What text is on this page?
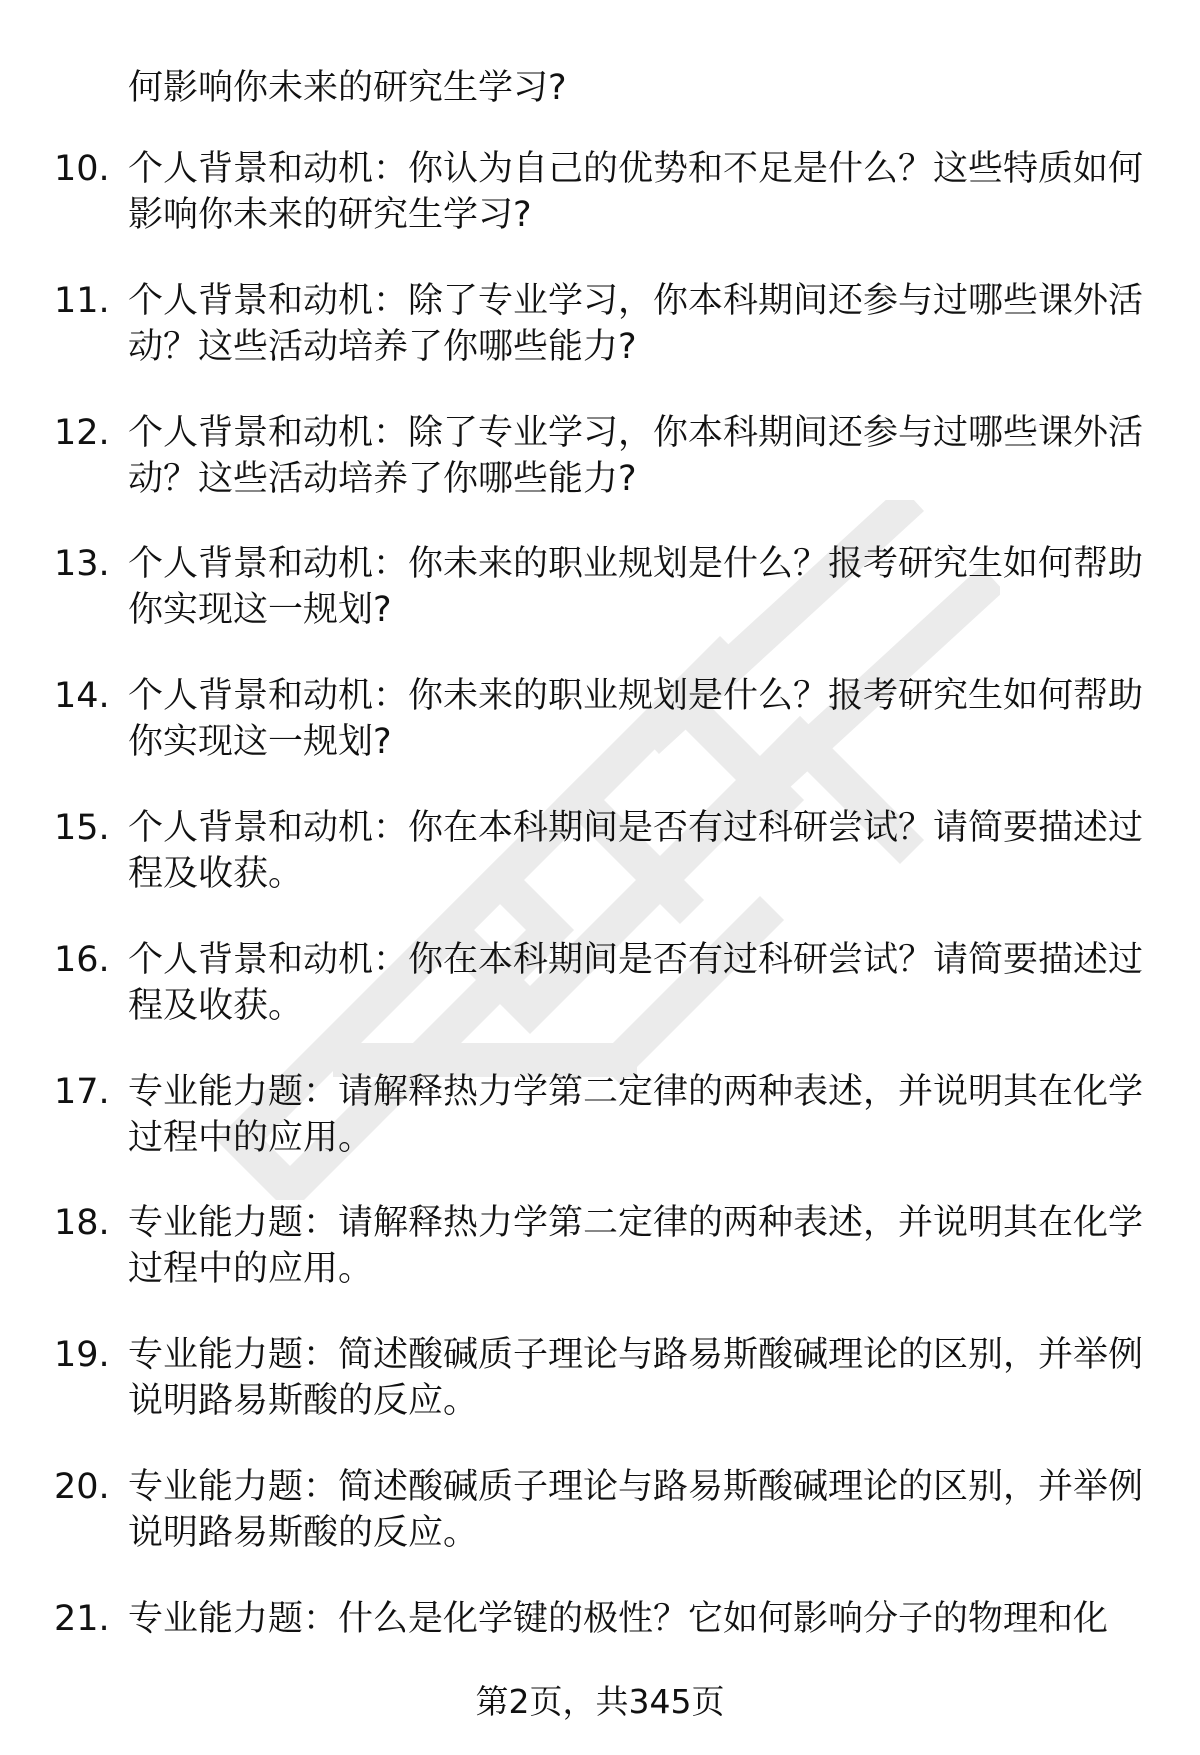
何影响你未来的研究生学习?
10. 个人背景和动机：你认为自己的优势和不足是什么？这些特质如何影响你未来的研究生学习?
11. 个人背景和动机：除了专业学习，你本科期间还参与过哪些课外活动？这些活动培养了你哪些能力?
12. 个人背景和动机：除了专业学习，你本科期间还参与过哪些课外活动？这些活动培养了你哪些能力?
13. 个人背景和动机：你未来的职业规划是什么？报考研究生如何帮助你实现这一规划?
14. 个人背景和动机：你未来的职业规划是什么？报考研究生如何帮助你实现这一规划?
15. 个人背景和动机：你在本科期间是否有过科研尝试？请简要描述过程及收获。
16. 个人背景和动机：你在本科期间是否有过科研尝试？请简要描述过程及收获。
17. 专业能力题：请解释热力学第二定律的两种表述，并说明其在化学过程中的应用。
18. 专业能力题：请解释热力学第二定律的两种表述，并说明其在化学过程中的应用。
19. 专业能力题：简述酸碱质子理论与路易斯酸碱理论的区别，并举例说明路易斯酸的反应。
20. 专业能力题：简述酸碱质子理论与路易斯酸碱理论的区别，并举例说明路易斯酸的反应。
21. 专业能力题：什么是化学键的极性？它如何影响分子的物理和化
第2页，共345页
